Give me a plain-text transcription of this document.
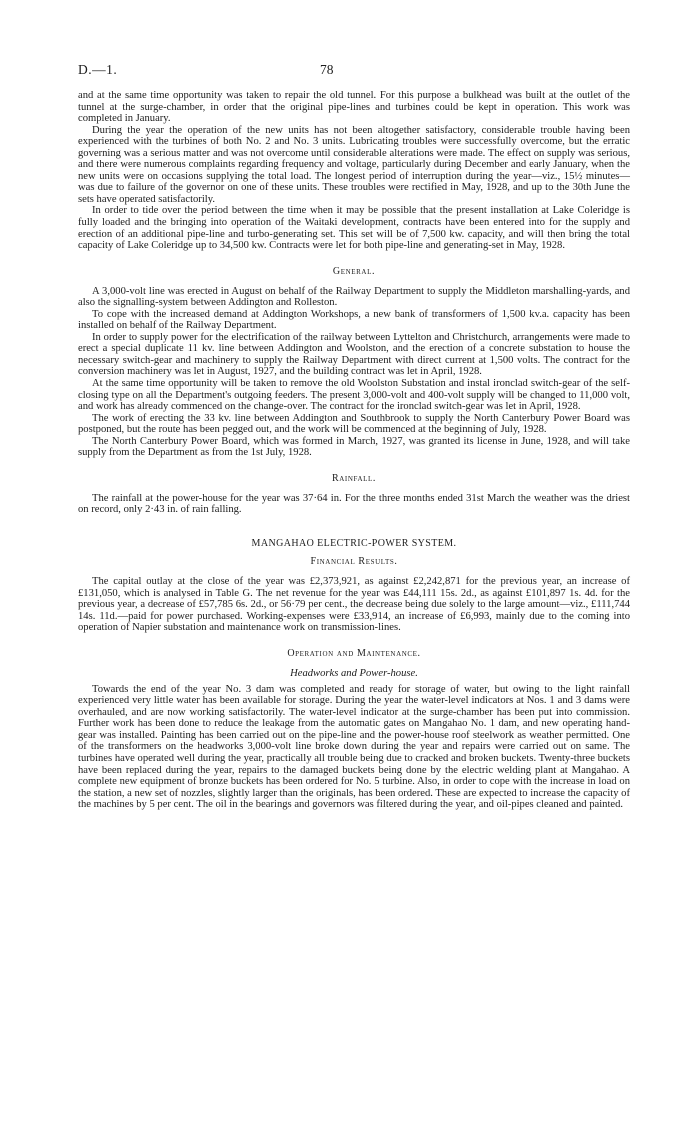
D.—1.	78

and at the same time opportunity was taken to repair the old tunnel. For this purpose a bulkhead was built at the outlet of the tunnel at the surge-chamber, in order that the original pipe-lines and turbines could be kept in operation. This work was completed in January.

During the year the operation of the new units has not been altogether satisfactory, considerable trouble having been experienced with the turbines of both No. 2 and No. 3 units. Lubricating troubles were successfully overcome, but the erratic governing was a serious matter and was not overcome until considerable alterations were made. The effect on supply was serious, and there were numerous complaints regarding frequency and voltage, particularly during December and early January, when the new units were on occasions supplying the total load. The longest period of interruption during the year—viz., 15½ minutes—was due to failure of the governor on one of these units. These troubles were rectified in May, 1928, and up to the 30th June the sets have operated satisfactorily.

In order to tide over the period between the time when it may be possible that the present installation at Lake Coleridge is fully loaded and the bringing into operation of the Waitaki development, contracts have been entered into for the supply and erection of an additional pipe-line and turbo-generating set. This set will be of 7,500 kw. capacity, and will then bring the total capacity of Lake Coleridge up to 34,500 kw. Contracts were let for both pipe-line and generating-set in May, 1928.

General.

A 3,000-volt line was erected in August on behalf of the Railway Department to supply the Middleton marshalling-yards, and also the signalling-system between Addington and Rolleston.

To cope with the increased demand at Addington Workshops, a new bank of transformers of 1,500 kv.a. capacity has been installed on behalf of the Railway Department.

In order to supply power for the electrification of the railway between Lyttelton and Christchurch, arrangements were made to erect a special duplicate 11 kv. line between Addington and Woolston, and the erection of a concrete substation to house the necessary switch-gear and machinery to supply the Railway Department with direct current at 1,500 volts. The contract for the conversion machinery was let in August, 1927, and the building contract was let in April, 1928.

At the same time opportunity will be taken to remove the old Woolston Substation and instal ironclad switch-gear of the self-closing type on all the Department's outgoing feeders. The present 3,000-volt and 400-volt supply will be changed to 11,000 volt, and work has already commenced on the change-over. The contract for the ironclad switch-gear was let in April, 1928.

The work of erecting the 33 kv. line between Addington and Southbrook to supply the North Canterbury Power Board was postponed, but the route has been pegged out, and the work will be commenced at the beginning of July, 1928.

The North Canterbury Power Board, which was formed in March, 1927, was granted its license in June, 1928, and will take supply from the Department as from the 1st July, 1928.

Rainfall.

The rainfall at the power-house for the year was 37·64 in. For the three months ended 31st March the weather was the driest on record, only 2·43 in. of rain falling.

MANGAHAO ELECTRIC-POWER SYSTEM.
Financial Results.

The capital outlay at the close of the year was £2,373,921, as against £2,242,871 for the previous year, an increase of £131,050, which is analysed in Table G. The net revenue for the year was £44,111 15s. 2d., as against £101,897 1s. 4d. for the previous year, a decrease of £57,785 6s. 2d., or 56·79 per cent., the decrease being due solely to the large amount—viz., £111,744 14s. 11d.—paid for power purchased. Working-expenses were £33,914, an increase of £6,993, mainly due to the coming into operation of Napier substation and maintenance work on transmission-lines.

Operation and Maintenance.
Headworks and Power-house.

Towards the end of the year No. 3 dam was completed and ready for storage of water, but owing to the light rainfall experienced very little water has been available for storage. During the year the water-level indicators at Nos. 1 and 3 dams were overhauled, and are now working satisfactorily. The water-level indicator at the surge-chamber has been put into commission. Further work has been done to reduce the leakage from the automatic gates on Mangahao No. 1 dam, and new operating hand-gear was installed. Painting has been carried out on the pipe-line and the power-house roof steelwork as weather permitted. One of the transformers on the headworks 3,000-volt line broke down during the year and repairs were carried out on same. The turbines have operated well during the year, practically all trouble being due to cracked and broken buckets. Twenty-three buckets have been replaced during the year, repairs to the damaged buckets being done by the electric welding plant at Mangahao. A complete new equipment of bronze buckets has been ordered for No. 5 turbine. Also, in order to cope with the increase in load on the station, a new set of nozzles, slightly larger than the originals, has been ordered. These are expected to increase the capacity of the machines by 5 per cent. The oil in the bearings and governors was filtered during the year, and oil-pipes cleaned and painted.
